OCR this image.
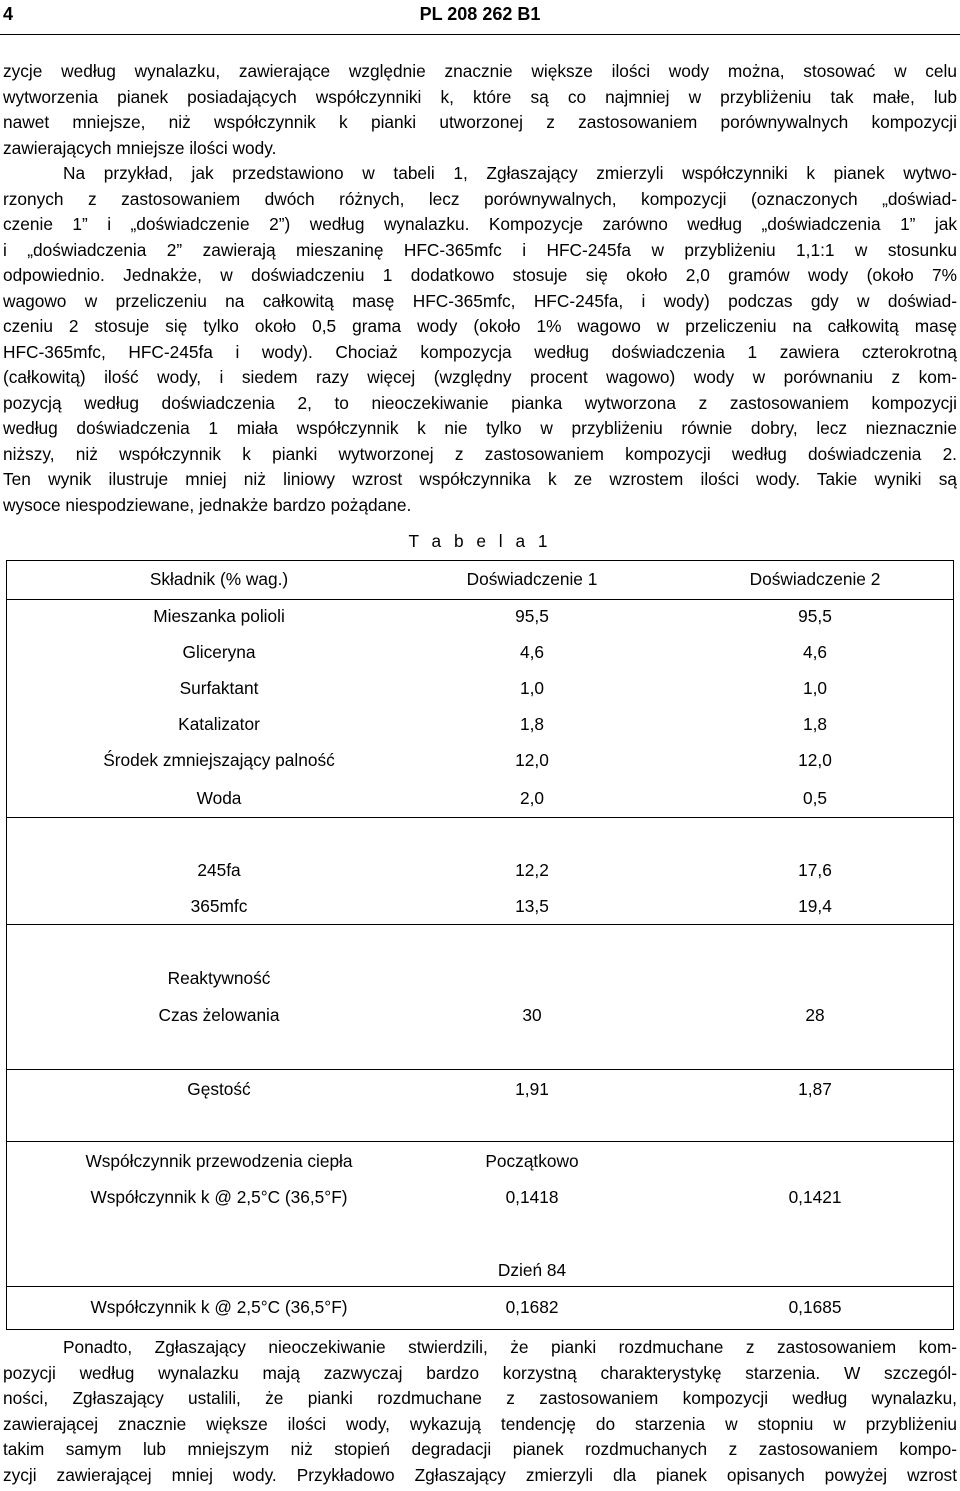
4	PL 208 262 B1
zycje według wynalazku, zawierające względnie znacznie większe ilości wody można, stosować w celu
wytworzenia pianek posiadających współczynniki k, które są co najmniej w przybliżeniu tak małe, lub
nawet mniejsze, niż współczynnik k pianki utworzonej z zastosowaniem porównywalnych kompozycji
zawierających mniejsze ilości wody.
Na przykład, jak przedstawiono w tabeli 1, Zgłaszający zmierzyli współczynniki k pianek wytwo-
rzonych z zastosowaniem dwóch różnych, lecz porównywalnych, kompozycji (oznaczonych „doświad-
czenie 1” i „doświadczenie 2”) według wynalazku. Kompozycje zarówno według „doświadczenia 1” jak
i „doświadczenia 2” zawierają mieszaninę HFC-365mfc i HFC-245fa w przybliżeniu 1,1:1 w stosunku
odpowiednio. Jednakże, w doświadczeniu 1 dodatkowo stosuje się około 2,0 gramów wody (około 7%
wagowo w przeliczeniu na całkowitą masę HFC-365mfc, HFC-245fa, i wody) podczas gdy w doświad-
czeniu 2 stosuje się tylko około 0,5 grama wody (około 1% wagowo w przeliczeniu na całkowitą masę
HFC-365mfc, HFC-245fa i wody). Chociaż kompozycja według doświadczenia 1 zawiera czterokrotną
(całkowitą) ilość wody, i siedem razy więcej (względny procent wagowo) wody w porównaniu z kom-
pozycją według doświadczenia 2, to nieoczekiwanie pianka wytworzona z zastosowaniem kompozycji
według doświadczenia 1 miała współczynnik k nie tylko w przybliżeniu równie dobry, lecz nieznacznie
niższy, niż współczynnik k pianki wytworzonej z zastosowaniem kompozycji według doświadczenia 2.
Ten wynik ilustruje mniej niż liniowy wzrost współczynnika k ze wzrostem ilości wody. Takie wyniki są
wysoce niespodziewane, jednakże bardzo pożądane.
T a b e l a 1
Składnik (% wag.)	Doświadczenie 1	Doświadczenie 2
Mieszanka polioli	95,5	95,5
Gliceryna	4,6	4,6
Surfaktant	1,0	1,0
Katalizator	1,8	1,8
Środek zmniejszający palność	12,0	12,0
Woda	2,0	0,5
245fa	12,2	17,6
365mfc	13,5	19,4
Reaktywność
Czas żelowania	30	28
Gęstość	1,91	1,87
Współczynnik przewodzenia ciepła	Początkowo
Współczynnik k @ 2,5°C (36,5°F)	0,1418	0,1421
Dzień 84
Współczynnik k @ 2,5°C (36,5°F)	0,1682	0,1685
Ponadto, Zgłaszający nieoczekiwanie stwierdzili, że pianki rozdmuchane z zastosowaniem kom-
pozycji według wynalazku mają zazwyczaj bardzo korzystną charakterystykę starzenia. W szczegól-
ności, Zgłaszający ustalili, że pianki rozdmuchane z zastosowaniem kompozycji według wynalazku,
zawierającej znacznie większe ilości wody, wykazują tendencję do starzenia w stopniu w przybliżeniu
takim samym lub mniejszym niż stopień degradacji pianek rozdmuchanych z zastosowaniem kompo-
zycji zawierającej mniej wody. Przykładowo Zgłaszający zmierzyli dla pianek opisanych powyżej wzrost
